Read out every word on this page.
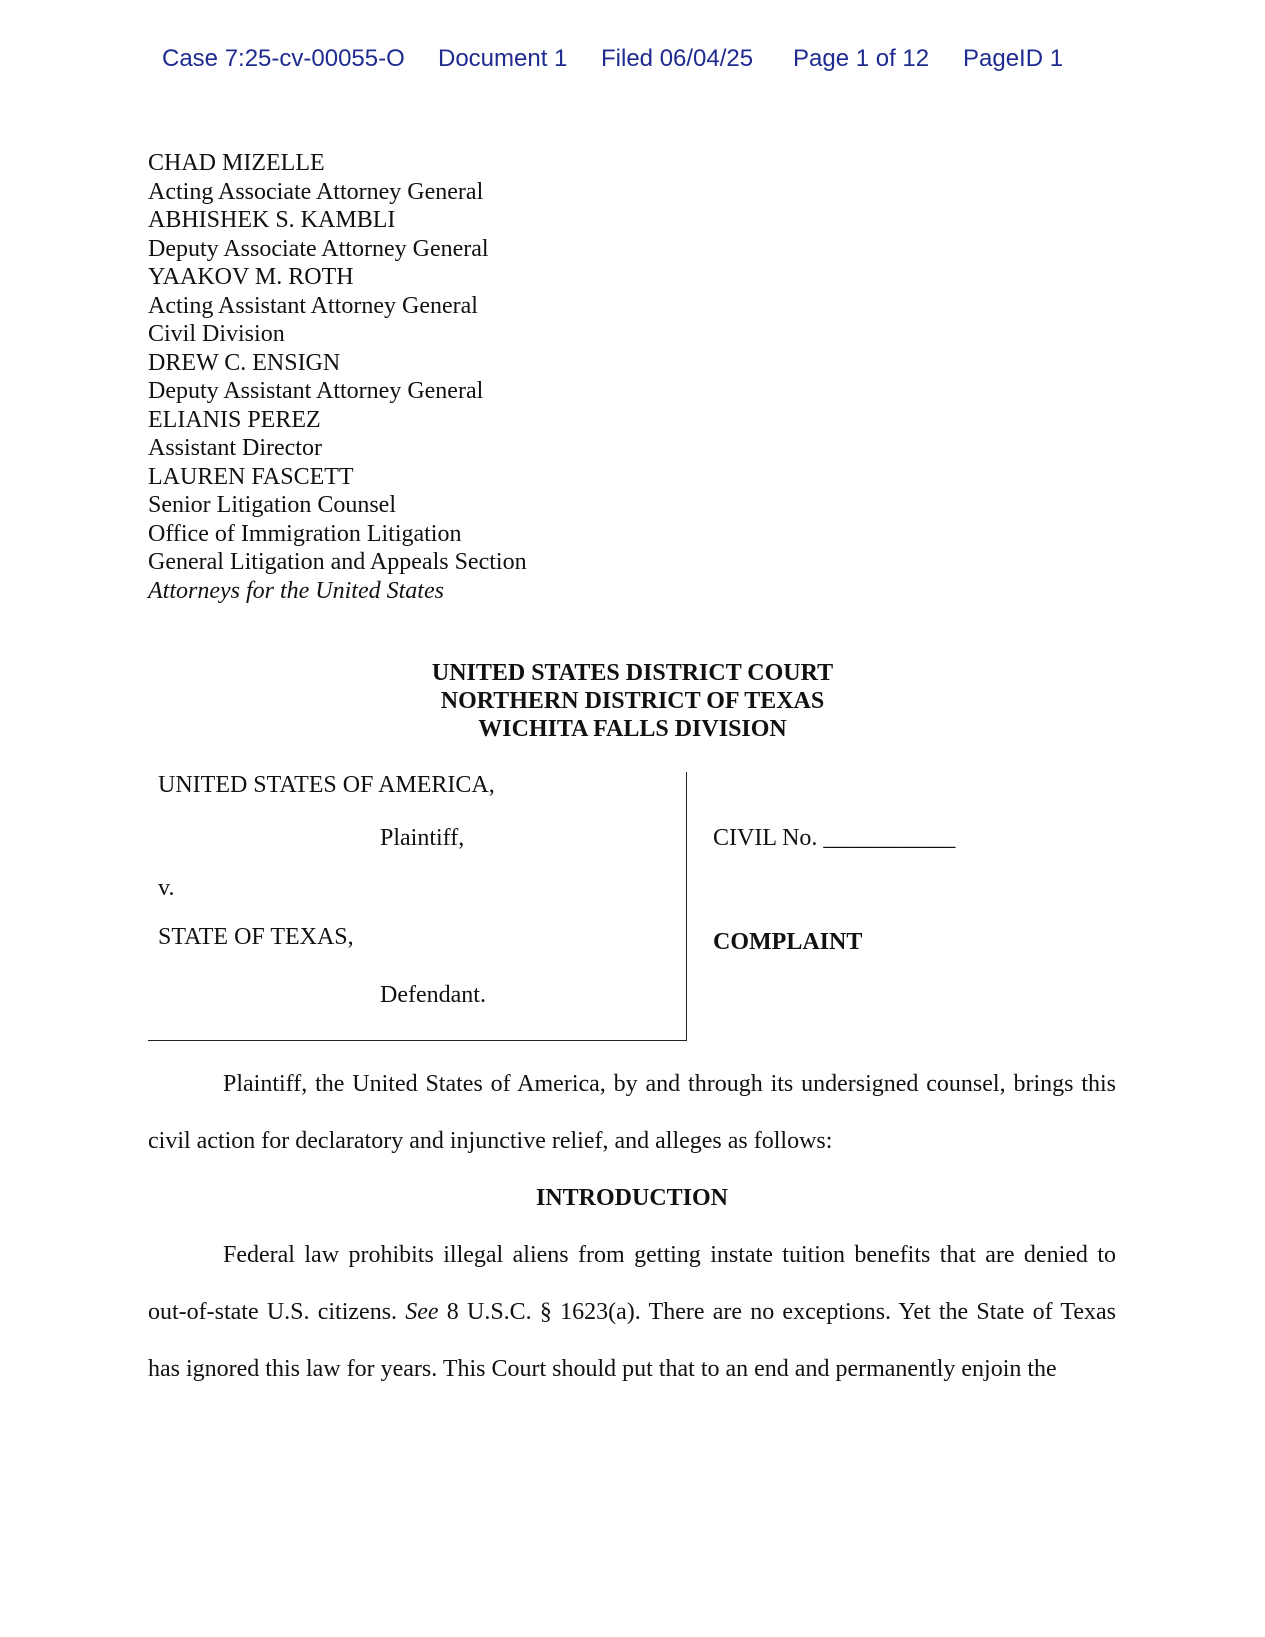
Case 7:25-cv-00055-O Document 1 Filed 06/04/25 Page 1 of 12 PageID 1
CHAD MIZELLE
Acting Associate Attorney General
ABHISHEK S. KAMBLI
Deputy Associate Attorney General
YAAKOV M. ROTH
Acting Assistant Attorney General
Civil Division
DREW C. ENSIGN
Deputy Assistant Attorney General
ELIANIS PEREZ
Assistant Director
LAUREN FASCETT
Senior Litigation Counsel
Office of Immigration Litigation
General Litigation and Appeals Section
Attorneys for the United States
UNITED STATES DISTRICT COURT
NORTHERN DISTRICT OF TEXAS
WICHITA FALLS DIVISION
UNITED STATES OF AMERICA,
Plaintiff,
v.
STATE OF TEXAS,
Defendant.
CIVIL No. ___________
COMPLAINT

Plaintiff, the United States of America, by and through its undersigned counsel, brings this civil action for declaratory and injunctive relief, and alleges as follows:

INTRODUCTION

Federal law prohibits illegal aliens from getting instate tuition benefits that are denied to out-of-state U.S. citizens. See 8 U.S.C. § 1623(a). There are no exceptions. Yet the State of Texas has ignored this law for years. This Court should put that to an end and permanently enjoin the
